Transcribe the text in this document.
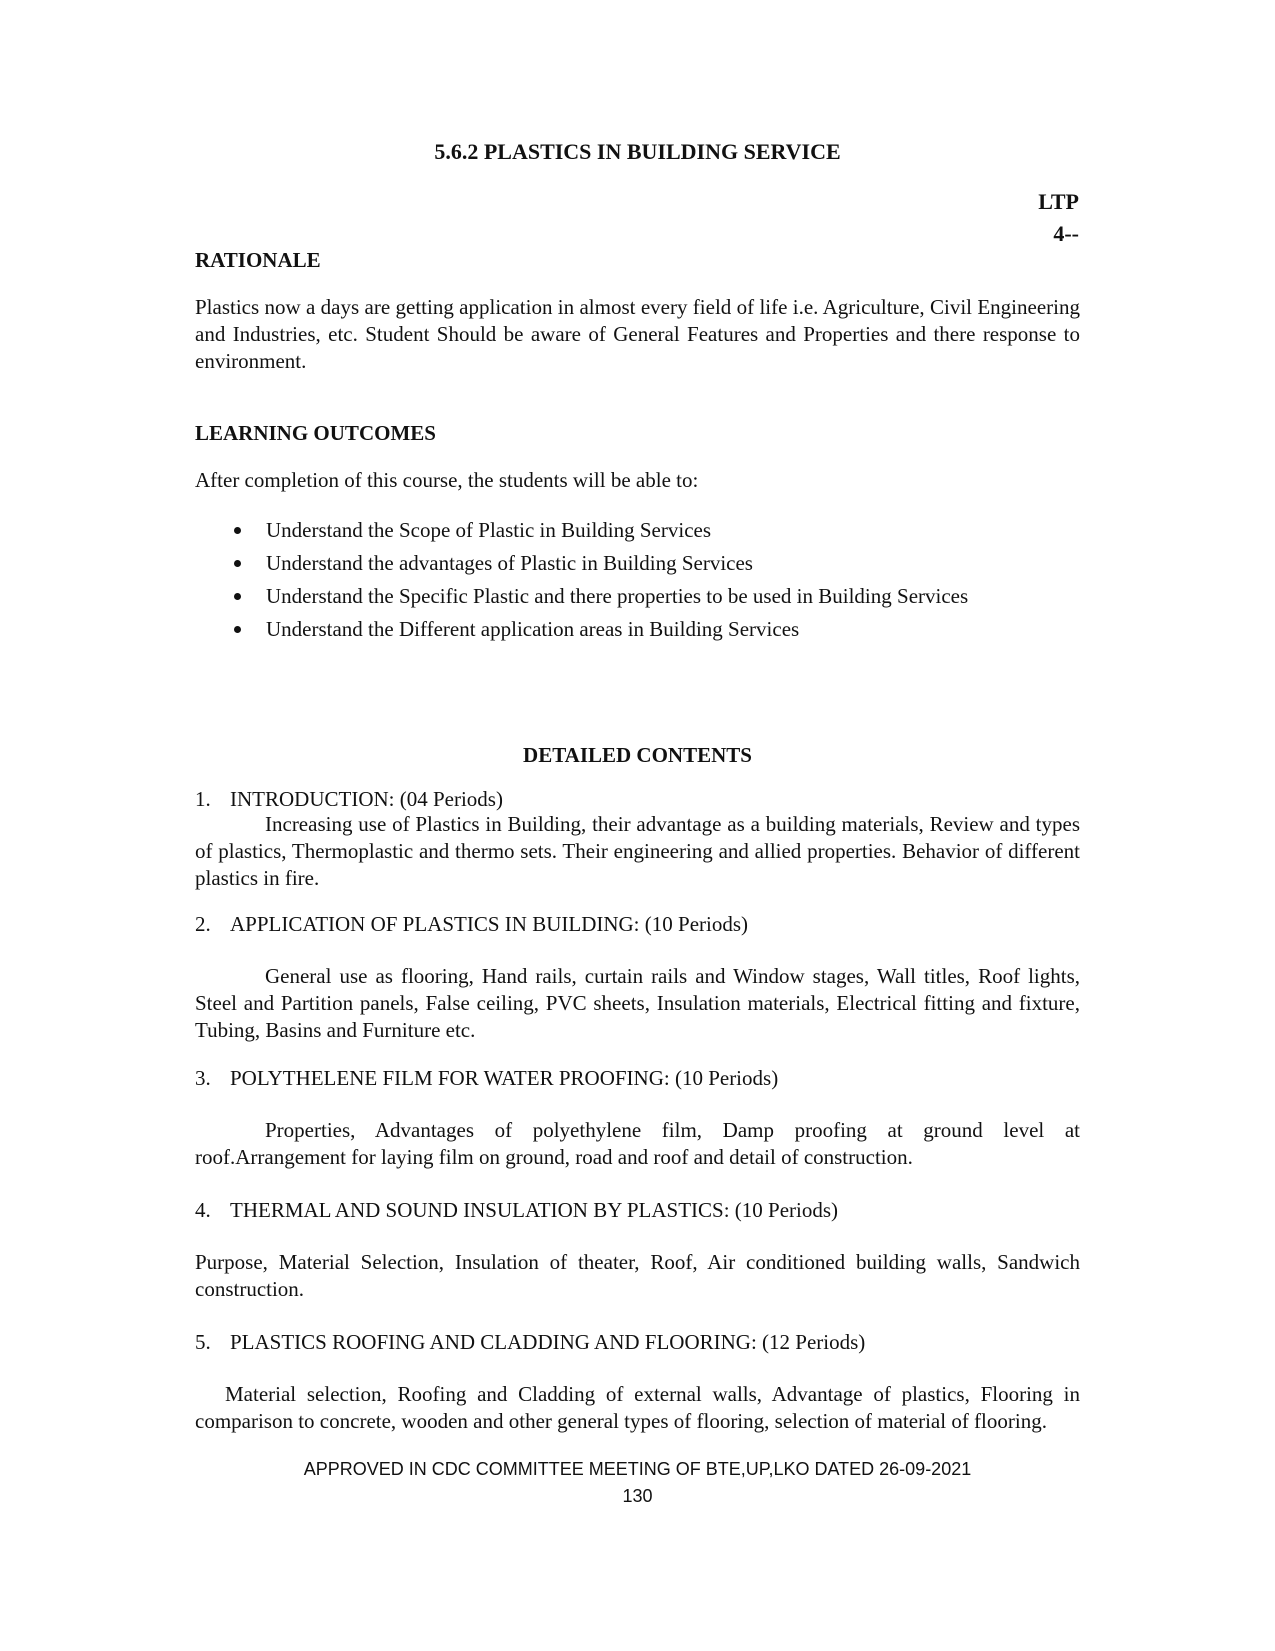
5.6.2 PLASTICS IN BUILDING SERVICE
LTP
4--
RATIONALE
Plastics now a days are getting application in almost every field of life i.e. Agriculture, Civil Engineering and Industries, etc. Student Should be aware of General Features and Properties and there response to environment.
LEARNING OUTCOMES
After completion of this course, the students will be able to:
Understand the Scope of Plastic in Building Services
Understand the advantages of Plastic in Building Services
Understand the Specific Plastic and there properties to be used in Building Services
Understand the Different application areas in Building Services
DETAILED CONTENTS
1. INTRODUCTION: (04 Periods)
Increasing use of Plastics in Building, their advantage as a building materials, Review and types of plastics, Thermoplastic and thermo sets. Their engineering and allied properties. Behavior of different plastics in fire.
2. APPLICATION OF PLASTICS IN BUILDING: (10 Periods)
General use as flooring, Hand rails, curtain rails and Window stages, Wall titles, Roof lights, Steel and Partition panels, False ceiling, PVC sheets, Insulation materials, Electrical fitting and fixture, Tubing, Basins and Furniture etc.
3. POLYTHELENE FILM FOR WATER PROOFING: (10 Periods)
Properties, Advantages of polyethylene film, Damp proofing at ground level at roof.Arrangement for laying film on ground, road and roof and detail of construction.
4. THERMAL AND SOUND INSULATION BY PLASTICS: (10 Periods)
Purpose, Material Selection, Insulation of theater, Roof, Air conditioned building walls, Sandwich construction.
5. PLASTICS ROOFING AND CLADDING AND FLOORING: (12 Periods)
Material selection, Roofing and Cladding of external walls, Advantage of plastics, Flooring in comparison to concrete, wooden and other general types of flooring, selection of material of flooring.
APPROVED IN CDC COMMITTEE MEETING OF BTE,UP,LKO DATED 26-09-2021
130
